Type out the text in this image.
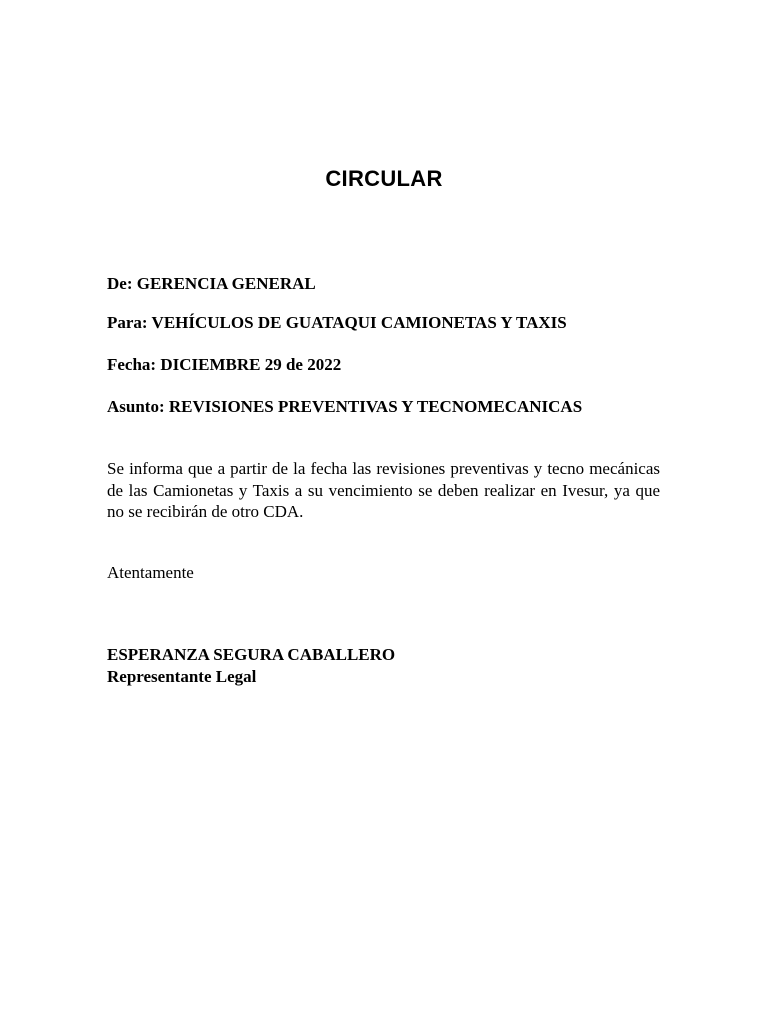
CIRCULAR
De: GERENCIA GENERAL
Para: VEHÍCULOS DE GUATAQUI CAMIONETAS Y TAXIS
Fecha: DICIEMBRE 29 de 2022
Asunto: REVISIONES PREVENTIVAS Y TECNOMECANICAS
Se informa que a partir de la fecha las revisiones preventivas y tecno mecánicas de las Camionetas y Taxis a su vencimiento se deben realizar en Ivesur, ya que no se recibirán de otro CDA.
Atentamente
ESPERANZA SEGURA CABALLERO
Representante Legal
